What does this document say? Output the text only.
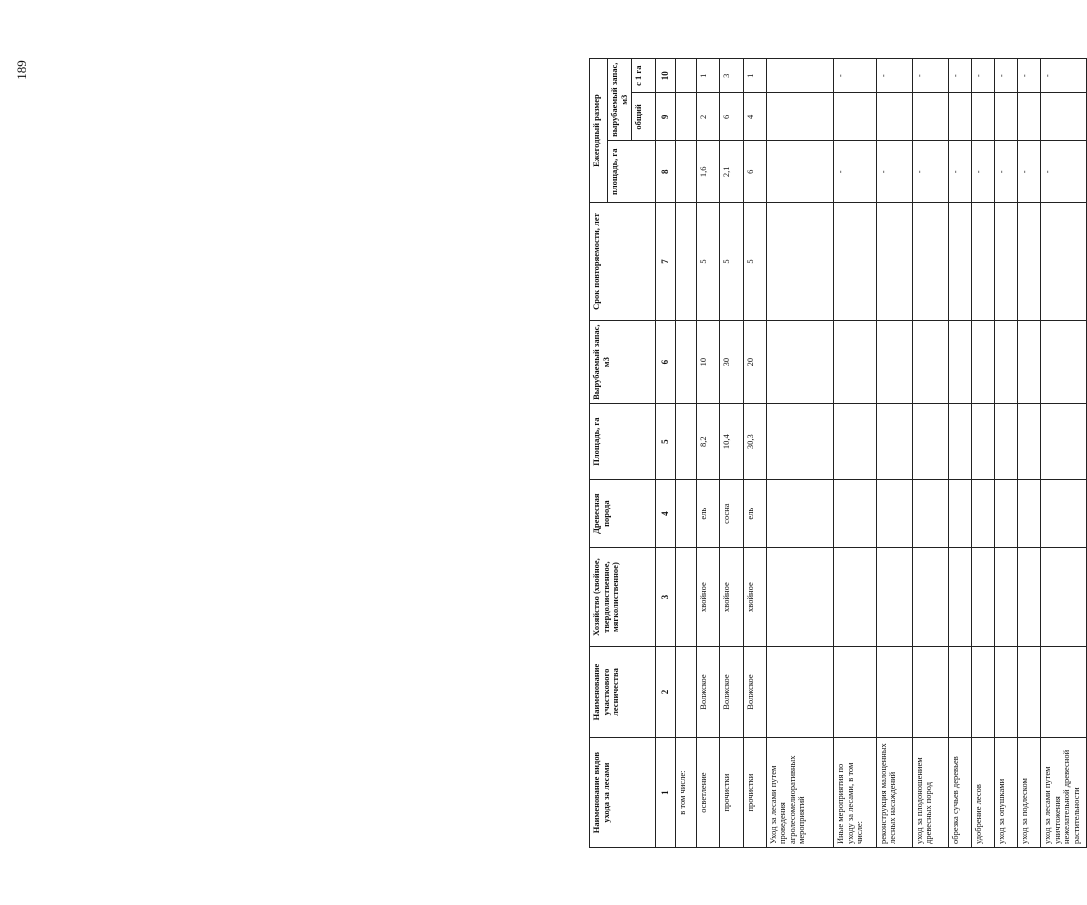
189
Наименование видов ухода за лесами	Наименование участкового лесничества	Хозяйство (хвойное, твердолиственное, мягколиственное)	Древесная порода	Площадь, га	Вырубаемый запас, м3	Срок повторяемости, лет	Ежегодный размер		
							площадь, га	вырубаемый запас, м3	
								общий	с 1 га
1	2	3	4	5	6	7	8	9	10
в том числе:									
осветление	Волжское	хвойное	ель	8,2	10	5	1,6	2	1
прочистки	Волжское	хвойное	сосна	10,4	30	5	2,1	6	3
прочистки	Волжское	хвойное	ель	30,3	20	5	6	4	1
Уход за лесами путем проведения агролесомелиоративных мероприятий									
Иные мероприятия по уходу за лесами, в том числе:							-		-
реконструкция малоценных лесных насаждений							-		-
уход за плодоношением древесных пород							-		-
обрезка сучьев деревьев							-		-
удобрение лесов							-		-
уход за опушками							-		-
уход за подлеском							-		-
уход за лесами путем уничтожения нежелательной древесной растительности							-		-
